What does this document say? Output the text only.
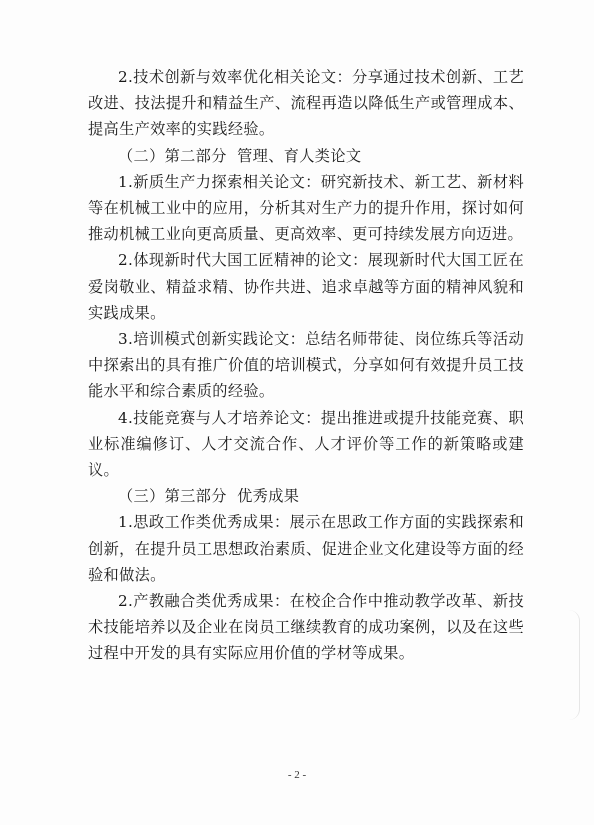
2.技术创新与效率优化相关论文：分享通过技术创新、工艺改进、技法提升和精益生产、流程再造以降低生产或管理成本、提高生产效率的实践经验。

（二）第二部分  管理、育人类论文

1.新质生产力探索相关论文：研究新技术、新工艺、新材料等在机械工业中的应用，分析其对生产力的提升作用，探讨如何推动机械工业向更高质量、更高效率、更可持续发展方向迈进。

2.体现新时代大国工匠精神的论文：展现新时代大国工匠在爱岗敬业、精益求精、协作共进、追求卓越等方面的精神风貌和实践成果。

3.培训模式创新实践论文：总结名师带徒、岗位练兵等活动中探索出的具有推广价值的培训模式，分享如何有效提升员工技能水平和综合素质的经验。

4.技能竞赛与人才培养论文：提出推进或提升技能竞赛、职业标准编修订、人才交流合作、人才评价等工作的新策略或建议。

（三）第三部分  优秀成果

1.思政工作类优秀成果：展示在思政工作方面的实践探索和创新，在提升员工思想政治素质、促进企业文化建设等方面的经验和做法。

2.产教融合类优秀成果：在校企合作中推动教学改革、新技术技能培养以及企业在岗员工继续教育的成功案例，以及在这些过程中开发的具有实际应用价值的学材等成果。

- 2 -
